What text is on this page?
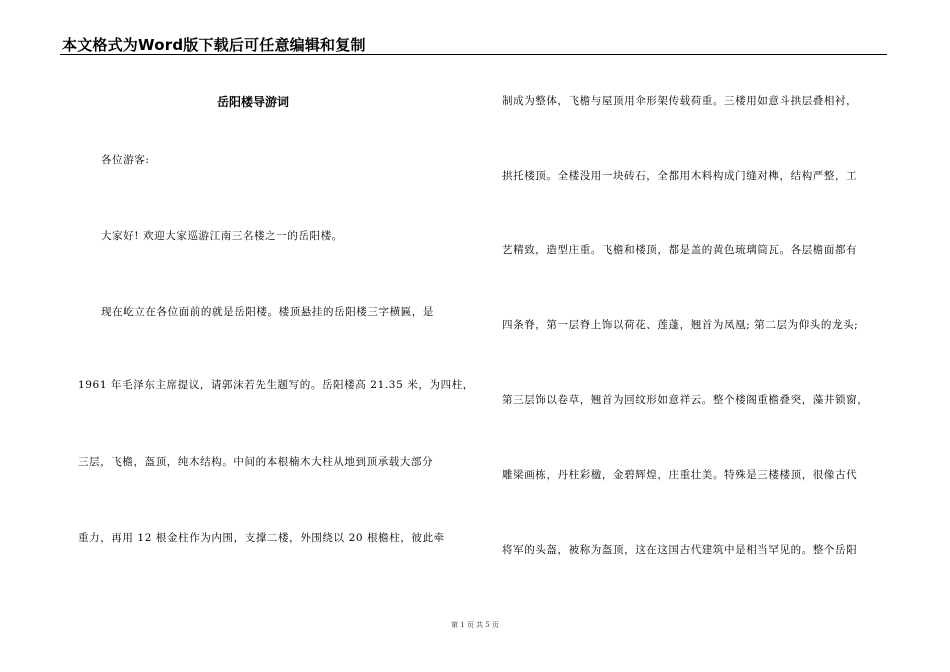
本文格式为Word版下载后可任意编辑和复制
岳阳楼导游词
各位游客:
大家好! 欢迎大家巡游江南三名楼之一的岳阳楼。
现在屹立在各位面前的就是岳阳楼。楼顶悬挂的岳阳楼三字横匾，是
1961 年毛泽东主席提议，请郭沫若先生题写的。岳阳楼高 21.35 米，为四柱，
三层，飞檐，盔顶，纯木结构。中间的本根楠木大柱从地到顶承载大部分
重力，再用 12 根金柱作为内围，支撑二楼，外围绕以 20 根檐柱，彼此牵
制成为整体，飞檐与屋顶用伞形架传载荷重。三楼用如意斗拱层叠相衬，
拱托楼顶。全楼没用一块砖石，全都用木料构成门缝对榫，结构严整，工
艺精致，造型庄重。飞檐和楼顶，都是盖的黄色琉璃筒瓦。各层檐面都有
四条脊，第一层脊上饰以荷花、莲蓬，翘首为凤凰; 第二层为仰头的龙头;
第三层饰以卷草，翘首为回纹形如意祥云。整个楼阁重檐叠突，藻井锁窗，
雕梁画栋，丹柱彩楹，金碧辉煌，庄重壮美。特殊是三楼楼顶，很像古代
将军的头盔，被称为盔顶，这在这国古代建筑中是相当罕见的。整个岳阳
第 1 页 共 5 页
